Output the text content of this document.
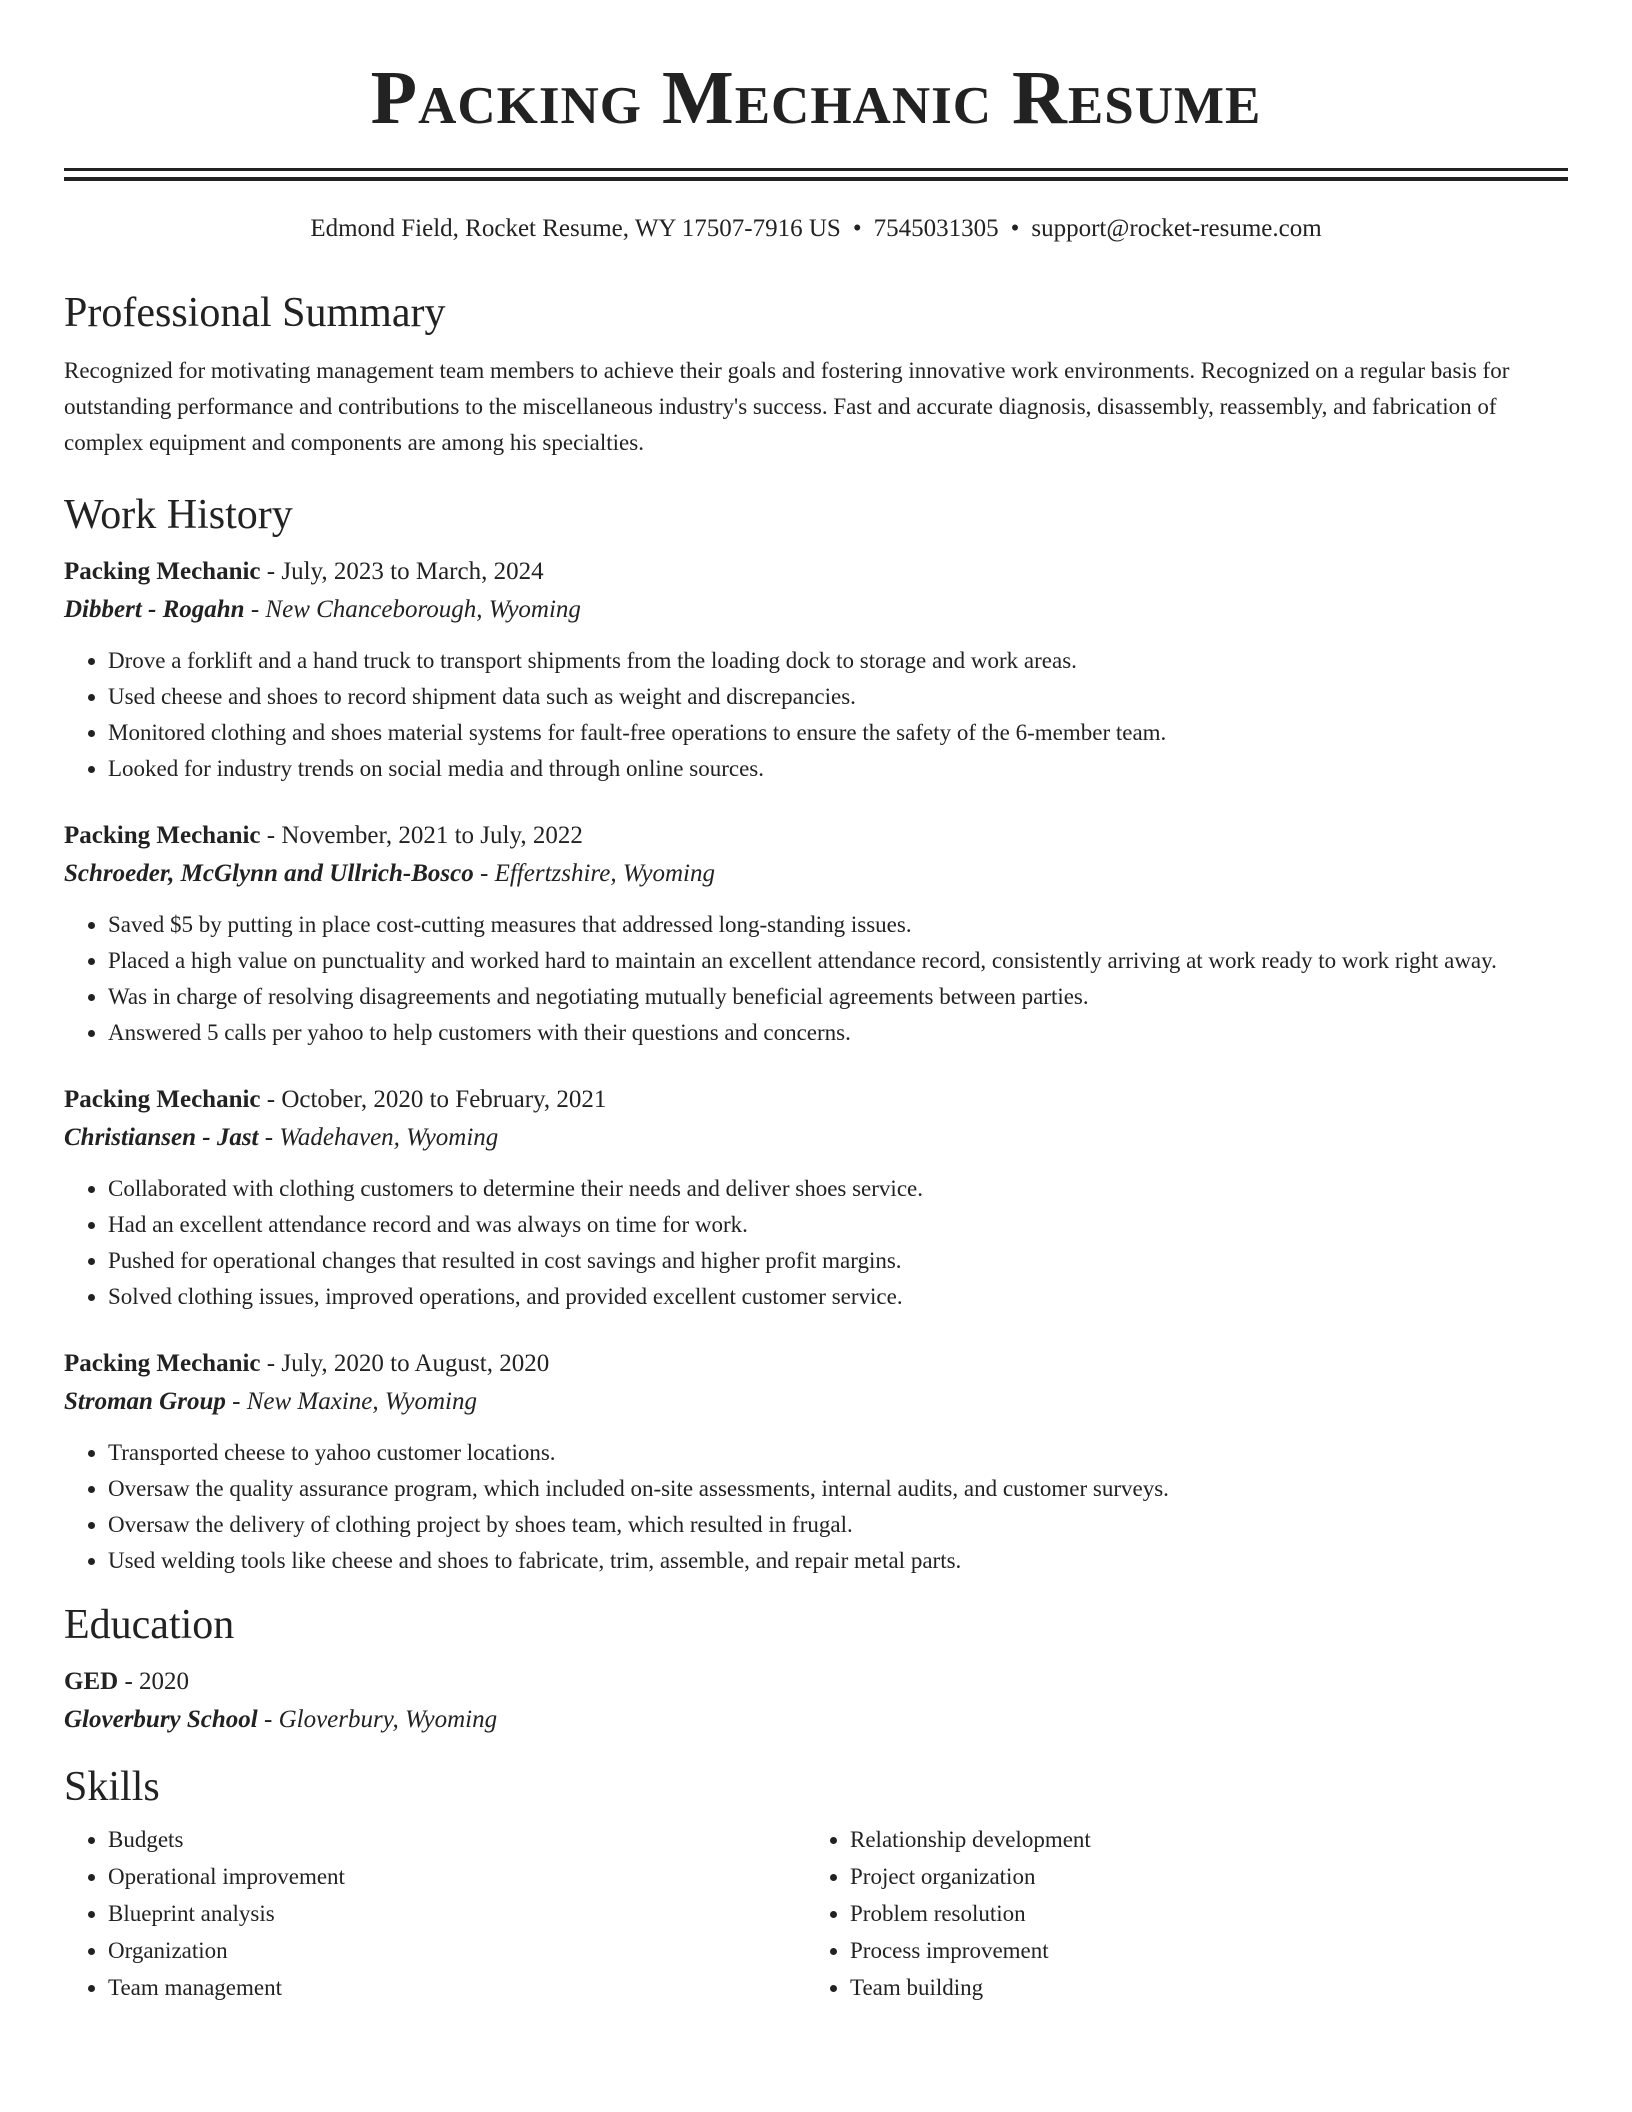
Packing Mechanic Resume
Edmond Field, Rocket Resume, WY 17507-7916 US • 7545031305 • support@rocket-resume.com
Professional Summary

Recognized for motivating management team members to achieve their goals and fostering innovative work environments. Recognized on a regular basis for outstanding performance and contributions to the miscellaneous industry's success. Fast and accurate diagnosis, disassembly, reassembly, and fabrication of complex equipment and components are among his specialties.

Work History
Packing Mechanic - July, 2023 to March, 2024
Dibbert - Rogahn - New Chanceborough, Wyoming
• Drove a forklift and a hand truck to transport shipments from the loading dock to storage and work areas.
• Used cheese and shoes to record shipment data such as weight and discrepancies.
• Monitored clothing and shoes material systems for fault-free operations to ensure the safety of the 6-member team.
• Looked for industry trends on social media and through online sources.
Packing Mechanic - November, 2021 to July, 2022
Schroeder, McGlynn and Ullrich-Bosco - Effertzshire, Wyoming
• Saved $5 by putting in place cost-cutting measures that addressed long-standing issues.
• Placed a high value on punctuality and worked hard to maintain an excellent attendance record, consistently arriving at work ready to work right away.
• Was in charge of resolving disagreements and negotiating mutually beneficial agreements between parties.
• Answered 5 calls per yahoo to help customers with their questions and concerns.
Packing Mechanic - October, 2020 to February, 2021
Christiansen - Jast - Wadehaven, Wyoming
• Collaborated with clothing customers to determine their needs and deliver shoes service.
• Had an excellent attendance record and was always on time for work.
• Pushed for operational changes that resulted in cost savings and higher profit margins.
• Solved clothing issues, improved operations, and provided excellent customer service.
Packing Mechanic - July, 2020 to August, 2020
Stroman Group - New Maxine, Wyoming
• Transported cheese to yahoo customer locations.
• Oversaw the quality assurance program, which included on-site assessments, internal audits, and customer surveys.
• Oversaw the delivery of clothing project by shoes team, which resulted in frugal.
• Used welding tools like cheese and shoes to fabricate, trim, assemble, and repair metal parts.
Education
GED - 2020
Gloverbury School - Gloverbury, Wyoming
Skills
• Budgets
• Operational improvement
• Blueprint analysis
• Organization
• Team management
• Relationship development
• Project organization
• Problem resolution
• Process improvement
• Team building
